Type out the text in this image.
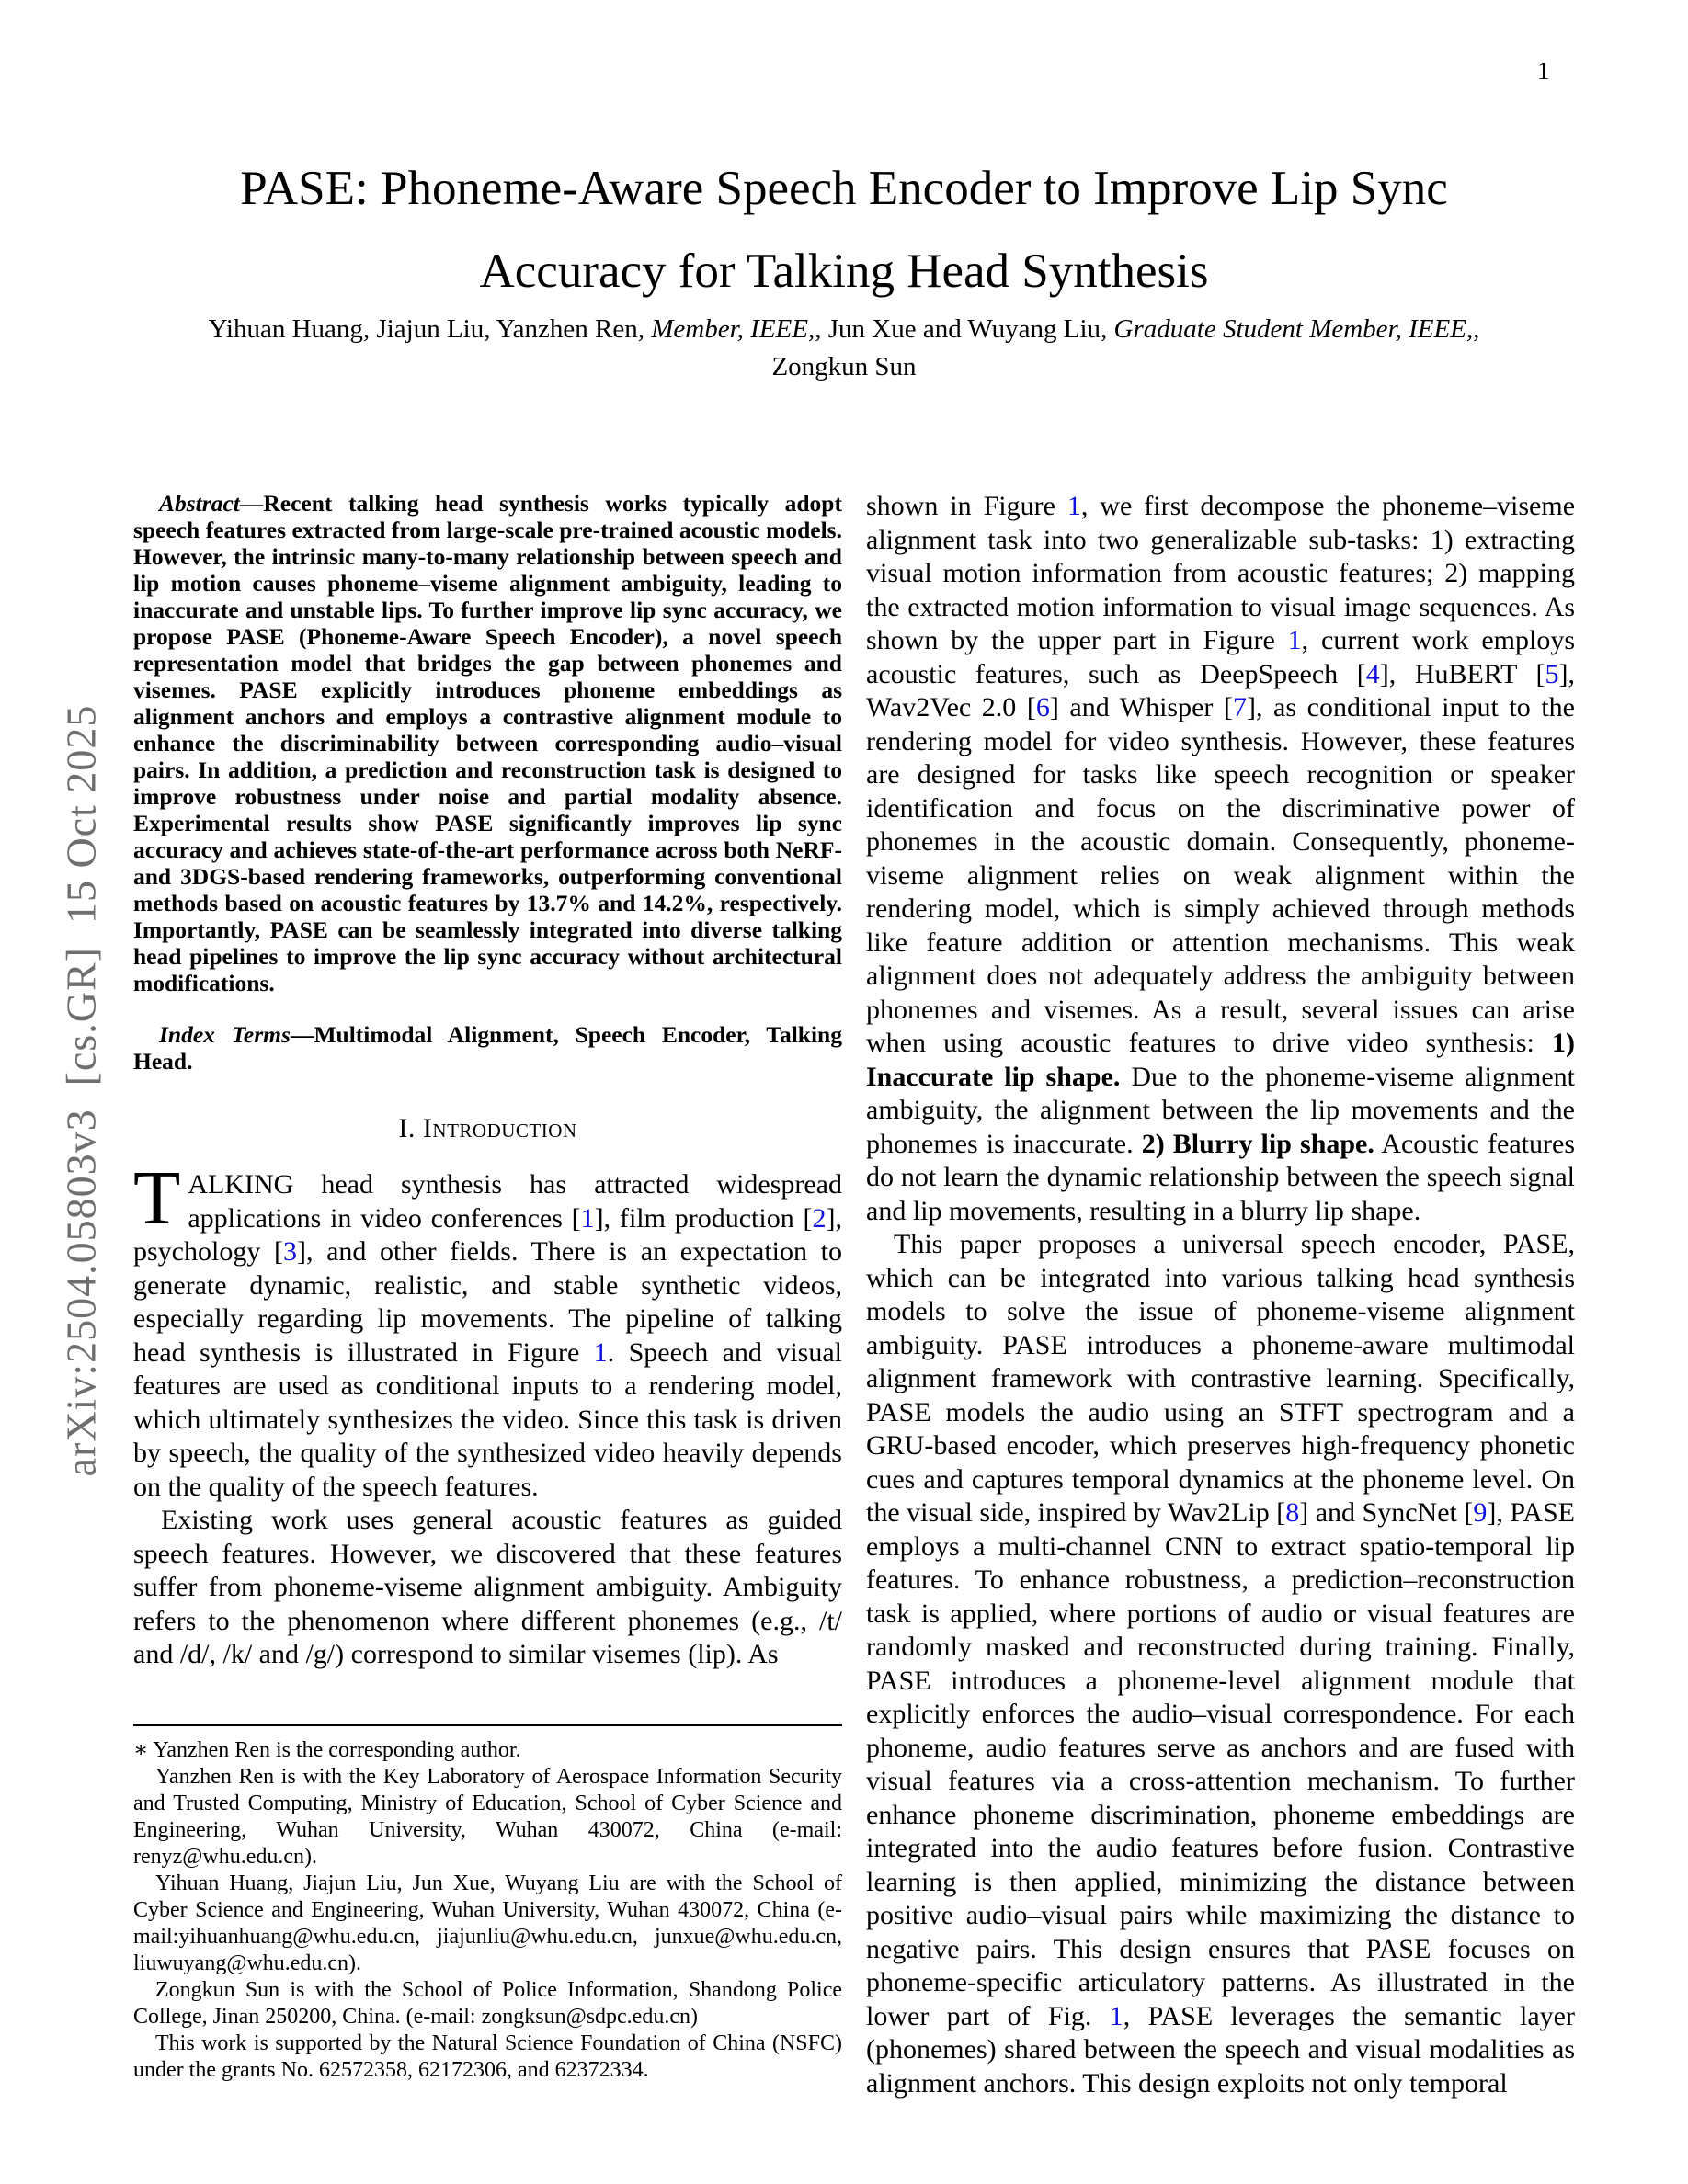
1
arXiv:2504.05803v3  [cs.GR]  15 Oct 2025
PASE: Phoneme-Aware Speech Encoder to Improve Lip Sync
Accuracy for Talking Head Synthesis
Yihuan Huang, Jiajun Liu, Yanzhen Ren, Member, IEEE,, Jun Xue and Wuyang Liu, Graduate Student Member, IEEE,, Zongkun Sun

Abstract—Recent talking head synthesis works typically adopt speech features extracted from large-scale pre-trained acoustic models. However, the intrinsic many-to-many relationship between speech and lip motion causes phoneme–viseme alignment ambiguity, leading to inaccurate and unstable lips. To further improve lip sync accuracy, we propose PASE (Phoneme-Aware Speech Encoder), a novel speech representation model that bridges the gap between phonemes and visemes. PASE explicitly introduces phoneme embeddings as alignment anchors and employs a contrastive alignment module to enhance the discriminability between corresponding audio–visual pairs. In addition, a prediction and reconstruction task is designed to improve robustness under noise and partial modality absence. Experimental results show PASE significantly improves lip sync accuracy and achieves state-of-the-art performance across both NeRF- and 3DGS-based rendering frameworks, outperforming conventional methods based on acoustic features by 13.7% and 14.2%, respectively. Importantly, PASE can be seamlessly integrated into diverse talking head pipelines to improve the lip sync accuracy without architectural modifications.

Index Terms—Multimodal Alignment, Speech Encoder, Talking Head.

I. Introduction

TALKING head synthesis has attracted widespread applications in video conferences [1], film production [2], psychology [3], and other fields. There is an expectation to generate dynamic, realistic, and stable synthetic videos, especially regarding lip movements. The pipeline of talking head synthesis is illustrated in Figure 1. Speech and visual features are used as conditional inputs to a rendering model, which ultimately synthesizes the video. Since this task is driven by speech, the quality of the synthesized video heavily depends on the quality of the speech features.

Existing work uses general acoustic features as guided speech features. However, we discovered that these features suffer from phoneme-viseme alignment ambiguity. Ambiguity refers to the phenomenon where different phonemes (e.g., /t/ and /d/, /k/ and /g/) correspond to similar visemes (lip). As

shown in Figure 1, we first decompose the phoneme–viseme alignment task into two generalizable sub-tasks: 1) extracting visual motion information from acoustic features; 2) mapping the extracted motion information to visual image sequences. As shown by the upper part in Figure 1, current work employs acoustic features, such as DeepSpeech [4], HuBERT [5], Wav2Vec 2.0 [6] and Whisper [7], as conditional input to the rendering model for video synthesis. However, these features are designed for tasks like speech recognition or speaker identification and focus on the discriminative power of phonemes in the acoustic domain. Consequently, phoneme-viseme alignment relies on weak alignment within the rendering model, which is simply achieved through methods like feature addition or attention mechanisms. This weak alignment does not adequately address the ambiguity between phonemes and visemes. As a result, several issues can arise when using acoustic features to drive video synthesis: 1) Inaccurate lip shape. Due to the phoneme-viseme alignment ambiguity, the alignment between the lip movements and the phonemes is inaccurate. 2) Blurry lip shape. Acoustic features do not learn the dynamic relationship between the speech signal and lip movements, resulting in a blurry lip shape.

This paper proposes a universal speech encoder, PASE, which can be integrated into various talking head synthesis models to solve the issue of phoneme-viseme alignment ambiguity. PASE introduces a phoneme-aware multimodal alignment framework with contrastive learning. Specifically, PASE models the audio using an STFT spectrogram and a GRU-based encoder, which preserves high-frequency phonetic cues and captures temporal dynamics at the phoneme level. On the visual side, inspired by Wav2Lip [8] and SyncNet [9], PASE employs a multi-channel CNN to extract spatio-temporal lip features. To enhance robustness, a prediction–reconstruction task is applied, where portions of audio or visual features are randomly masked and reconstructed during training. Finally, PASE introduces a phoneme-level alignment module that explicitly enforces the audio–visual correspondence. For each phoneme, audio features serve as anchors and are fused with visual features via a cross-attention mechanism. To further enhance phoneme discrimination, phoneme embeddings are integrated into the audio features before fusion. Contrastive learning is then applied, minimizing the distance between positive audio–visual pairs while maximizing the distance to negative pairs. This design ensures that PASE focuses on phoneme-specific articulatory patterns. As illustrated in the lower part of Fig. 1, PASE leverages the semantic layer (phonemes) shared between the speech and visual modalities as alignment anchors. This design exploits not only temporal

∗ Yanzhen Ren is the corresponding author.

Yanzhen Ren is with the Key Laboratory of Aerospace Information Security and Trusted Computing, Ministry of Education, School of Cyber Science and Engineering, Wuhan University, Wuhan 430072, China (e-mail: renyz@whu.edu.cn).

Yihuan Huang, Jiajun Liu, Jun Xue, Wuyang Liu are with the School of Cyber Science and Engineering, Wuhan University, Wuhan 430072, China (e-mail:yihuanhuang@whu.edu.cn, jiajunliu@whu.edu.cn, junxue@whu.edu.cn, liuwuyang@whu.edu.cn).

Zongkun Sun is with the School of Police Information, Shandong Police College, Jinan 250200, China. (e-mail: zongksun@sdpc.edu.cn)

This work is supported by the Natural Science Foundation of China (NSFC) under the grants No. 62572358, 62172306, and 62372334.
